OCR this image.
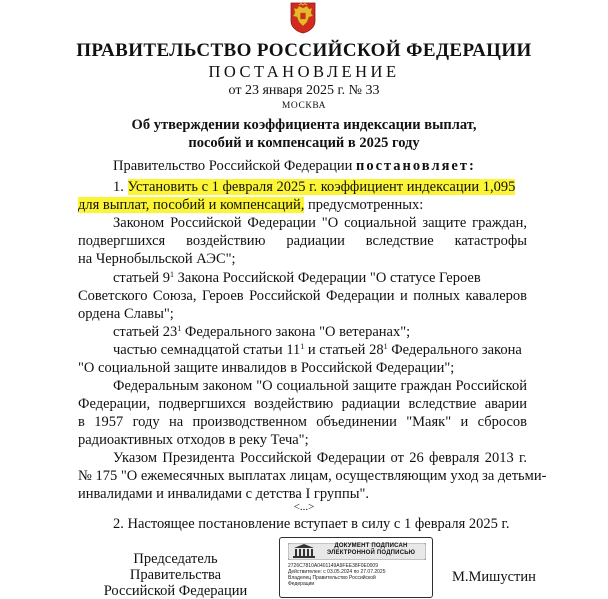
ПРАВИТЕЛЬСТВО РОССИЙСКОЙ ФЕДЕРАЦИИ
ПОСТАНОВЛЕНИЕ
от 23 января 2025 г. № 33
МОСКВА
Об утверждении коэффициента индексации выплат,
пособий и компенсаций в 2025 году
Правительство Российской Федерации постановляет:
1. Установить с 1 февраля 2025 г. коэффициент индексации 1,095
для выплат, пособий и компенсаций, предусмотренных:
Законом Российской Федерации "О социальной защите граждан,
подвергшихся воздействию радиации вследствие катастрофы
на Чернобыльской АЭС";
статьей $9^1$ Закона Российской Федерации "О статусе Героев
Советского Союза, Героев Российской Федерации и полных кавалеров
ордена Славы";
статьей $23^1$ Федерального закона "О ветеранах";
частью семнадцатой статьи $11^1$ и статьей $28^1$ Федерального закона
"О социальной защите инвалидов в Российской Федерации";
Федеральным законом "О социальной защите граждан Российской
Федерации, подвергшихся воздействию радиации вследствие аварии
в 1957 году на производственном объединении "Маяк" и сбросов
радиоактивных отходов в реку Теча";
Указом Президента Российской Федерации от 26 февраля 2013 г.
№ 175 "О ежемесячных выплатах лицам, осуществляющим уход за детьми-
инвалидами и инвалидами с детства I группы".
<...>
2. Настоящее постановление вступает в силу с 1 февраля 2025 г.
Председатель Правительства
Российской Федерации
ДОКУМЕНТ ПОДПИСАН
ЭЛЕКТРОННОЙ ПОДПИСЬЮ
2726C7810A0401149A9FEE38F0E0009
Действителен: с 03.05.2024 по 27.07.2025
Владелец Правительство Российской
Федерации	М.Мишустин
